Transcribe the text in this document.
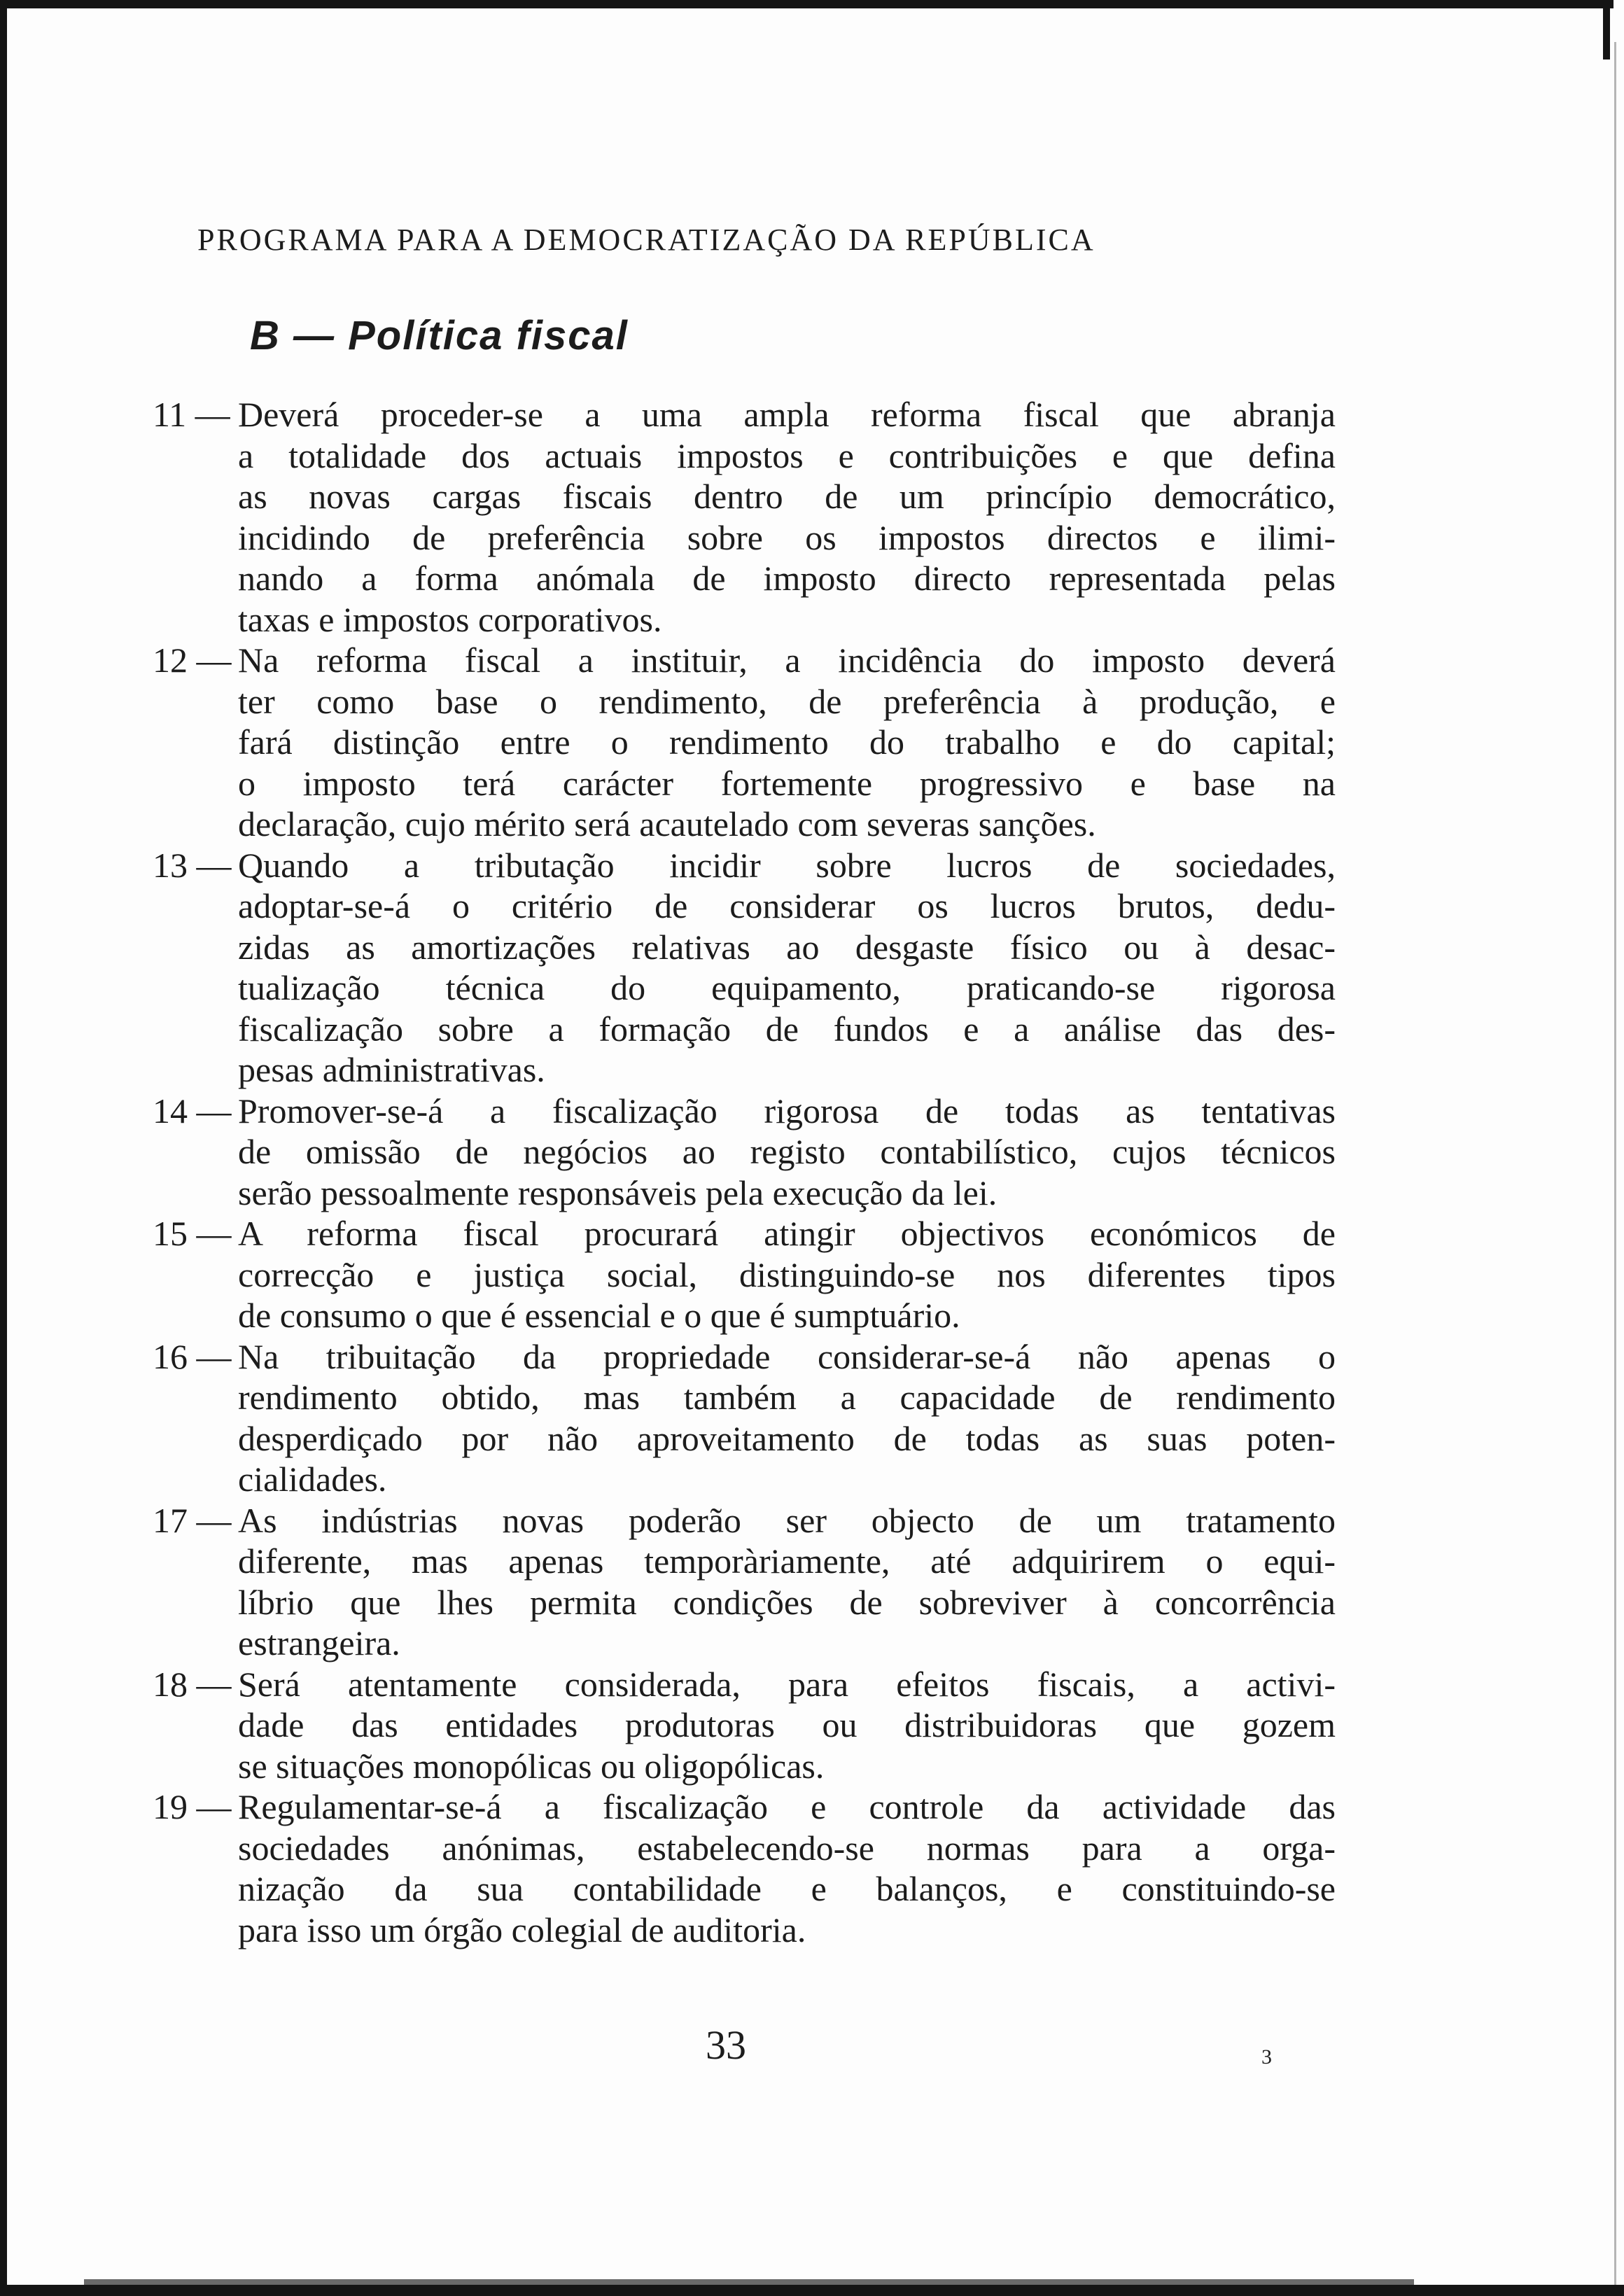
PROGRAMA PARA A DEMOCRATIZAÇÃO DA REPÚBLICA
B — Política fiscal
11 — Deverá proceder-se a uma ampla reforma fiscal que abranja
a totalidade dos actuais impostos e contribuições e que defina
as novas cargas fiscais dentro de um princípio democrático,
incidindo de preferência sobre os impostos directos e ilimi-
nando a forma anómala de imposto directo representada pelas
taxas e impostos corporativos.
12 — Na reforma fiscal a instituir, a incidência do imposto deverá
ter como base o rendimento, de preferência à produção, e
fará distinção entre o rendimento do trabalho e do capital;
o imposto terá carácter fortemente progressivo e base na
declaração, cujo mérito será acautelado com severas sanções.
13 — Quando a tributação incidir sobre lucros de sociedades,
adoptar-se-á o critério de considerar os lucros brutos, dedu-
zidas as amortizações relativas ao desgaste físico ou à desac-
tualização técnica do equipamento, praticando-se rigorosa
fiscalização sobre a formação de fundos e a análise das des-
pesas administrativas.
14 — Promover-se-á a fiscalização rigorosa de todas as tentativas
de omissão de negócios ao registo contabilístico, cujos técnicos
serão pessoalmente responsáveis pela execução da lei.
15 — A reforma fiscal procurará atingir objectivos económicos de
correcção e justiça social, distinguindo-se nos diferentes tipos
de consumo o que é essencial e o que é sumptuário.
16 — Na tribuitação da propriedade considerar-se-á não apenas o
rendimento obtido, mas também a capacidade de rendimento
desperdiçado por não aproveitamento de todas as suas poten-
cialidades.
17 — As indústrias novas poderão ser objecto de um tratamento
diferente, mas apenas temporàriamente, até adquirirem o equi-
líbrio que lhes permita condições de sobreviver à concorrência
estrangeira.
18 — Será atentamente considerada, para efeitos fiscais, a activi-
dade das entidades produtoras ou distribuidoras que gozem
se situações monopólicas ou oligopólicas.
19 — Regulamentar-se-á a fiscalização e controle da actividade das
sociedades anónimas, estabelecendo-se normas para a orga-
nização da sua contabilidade e balanços, e constituindo-se
para isso um órgão colegial de auditoria.
33	3
